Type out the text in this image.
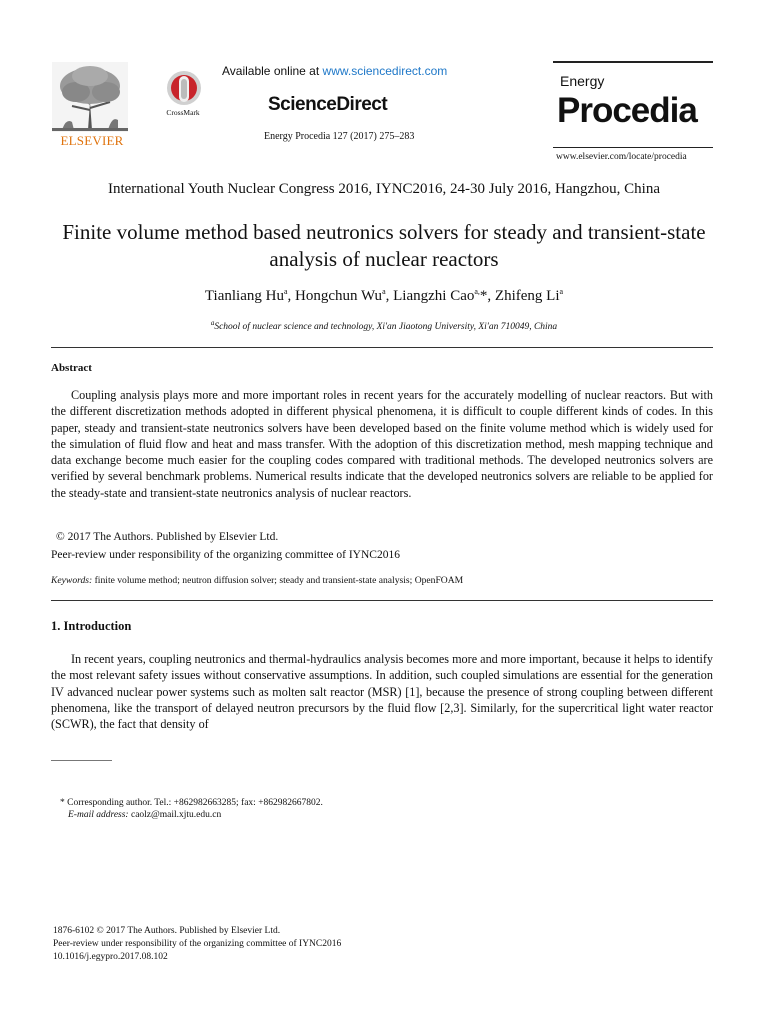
ELSEVIER
CrossMark
Available online at www.sciencedirect.com
ScienceDirect
Energy Procedia 127 (2017) 275–283
Energy
Procedia
www.elsevier.com/locate/procedia
International Youth Nuclear Congress 2016, IYNC2016, 24-30 July 2016, Hangzhou, China
Finite volume method based neutronics solvers for steady and transient-state analysis of nuclear reactors
Tianliang Hu$^a$, Hongchun Wu$^a$, Liangzhi Cao$^{a,}$*, Zhifeng Li$^a$
$^a$School of nuclear science and technology, Xi'an Jiaotong University, Xi'an 710049, China
Abstract

Coupling analysis plays more and more important roles in recent years for the accurately modelling of nuclear reactors. But with the different discretization methods adopted in different physical phenomena, it is difficult to couple different kinds of codes. In this paper, steady and transient-state neutronics solvers have been developed based on the finite volume method which is widely used for the simulation of fluid flow and heat and mass transfer. With the adoption of this discretization method, mesh mapping technique and data exchange become much easier for the coupling codes compared with traditional methods. The developed neutronics solvers are verified by several benchmark problems. Numerical results indicate that the developed neutronics solvers are reliable to be applied for the steady-state and transient-state neutronics analysis of nuclear reactors.

© 2017 The Authors. Published by Elsevier Ltd.
Peer-review under responsibility of the organizing committee of IYNC2016
Keywords: finite volume method; neutron diffusion solver; steady and transient-state analysis; OpenFOAM
1. Introduction

In recent years, coupling neutronics and thermal-hydraulics analysis becomes more and more important, because it helps to identify the most relevant safety issues without conservative assumptions. In addition, such coupled simulations are essential for the generation IV advanced nuclear power systems such as molten salt reactor (MSR) [1], because the presence of strong coupling between different phenomena, like the transport of delayed neutron precursors by the fluid flow [2,3]. Similarly, for the supercritical light water reactor (SCWR), the fact that density of

* Corresponding author. Tel.: +862982663285; fax: +862982667802.
E-mail address: caolz@mail.xjtu.edu.cn
1876-6102 © 2017 The Authors. Published by Elsevier Ltd.
Peer-review under responsibility of the organizing committee of IYNC2016
10.1016/j.egypro.2017.08.102
